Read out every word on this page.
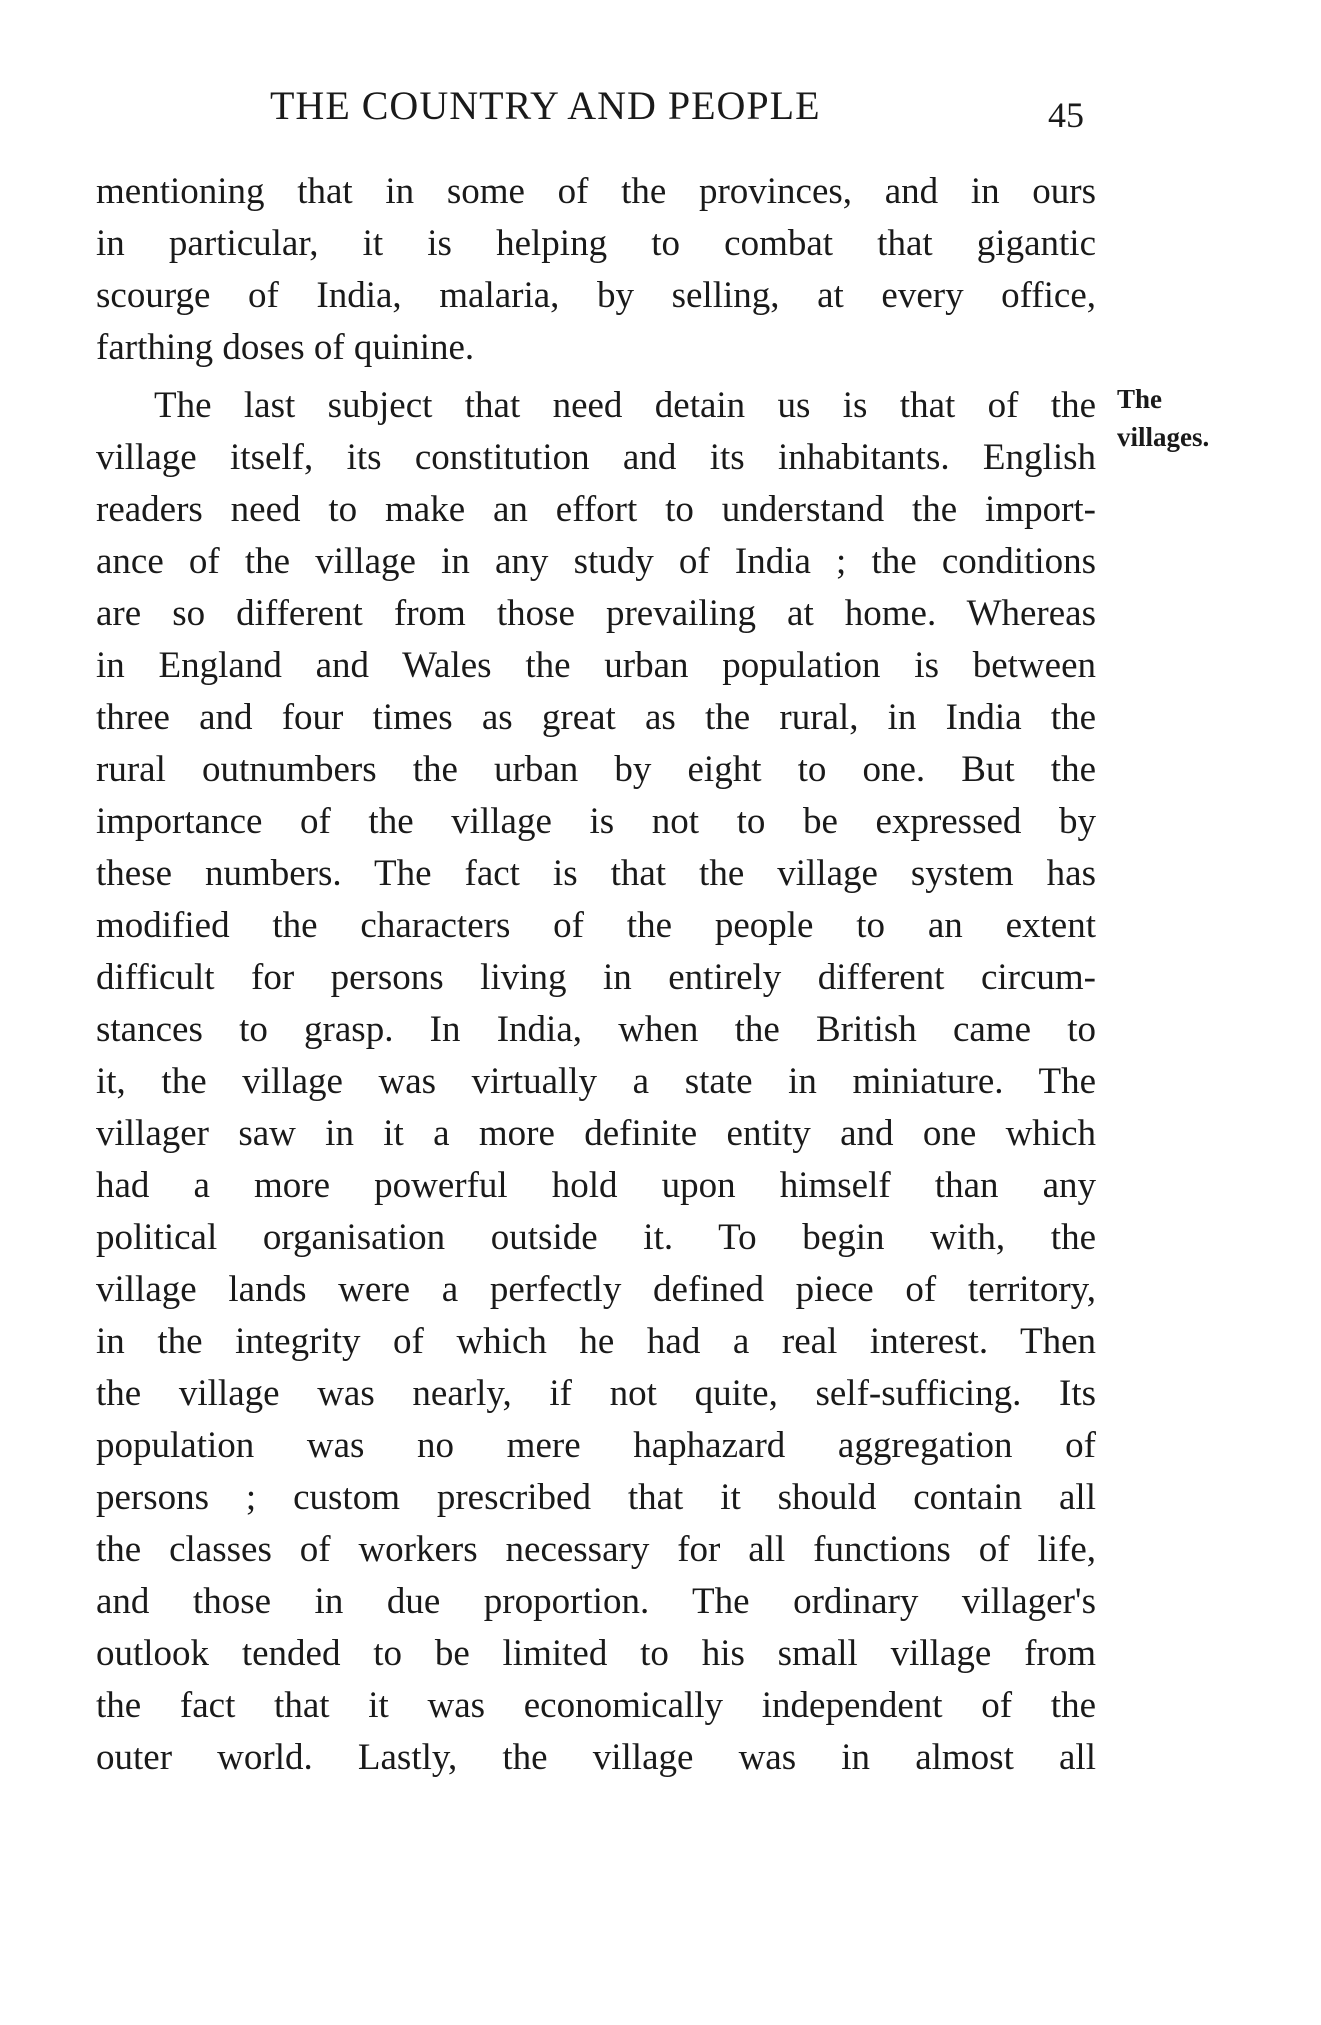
THE COUNTRY AND PEOPLE	45
The
villages.
mentioning that in some of the provinces, and in ours
in particular, it is helping to combat that gigantic
scourge of India, malaria, by selling, at every office,
farthing doses of quinine.
The last subject that need detain us is that of the
village itself, its constitution and its inhabitants. English
readers need to make an effort to understand the import-
ance of the village in any study of India ; the conditions
are so different from those prevailing at home. Whereas
in England and Wales the urban population is between
three and four times as great as the rural, in India the
rural outnumbers the urban by eight to one. But the
importance of the village is not to be expressed by
these numbers. The fact is that the village system has
modified the characters of the people to an extent
difficult for persons living in entirely different circum-
stances to grasp. In India, when the British came to
it, the village was virtually a state in miniature. The
villager saw in it a more definite entity and one which
had a more powerful hold upon himself than any
political organisation outside it. To begin with, the
village lands were a perfectly defined piece of territory,
in the integrity of which he had a real interest. Then
the village was nearly, if not quite, self-sufficing. Its
population was no mere haphazard aggregation of
persons ; custom prescribed that it should contain all
the classes of workers necessary for all functions of life,
and those in due proportion. The ordinary villager's
outlook tended to be limited to his small village from
the fact that it was economically independent of the
outer world. Lastly, the village was in almost all
